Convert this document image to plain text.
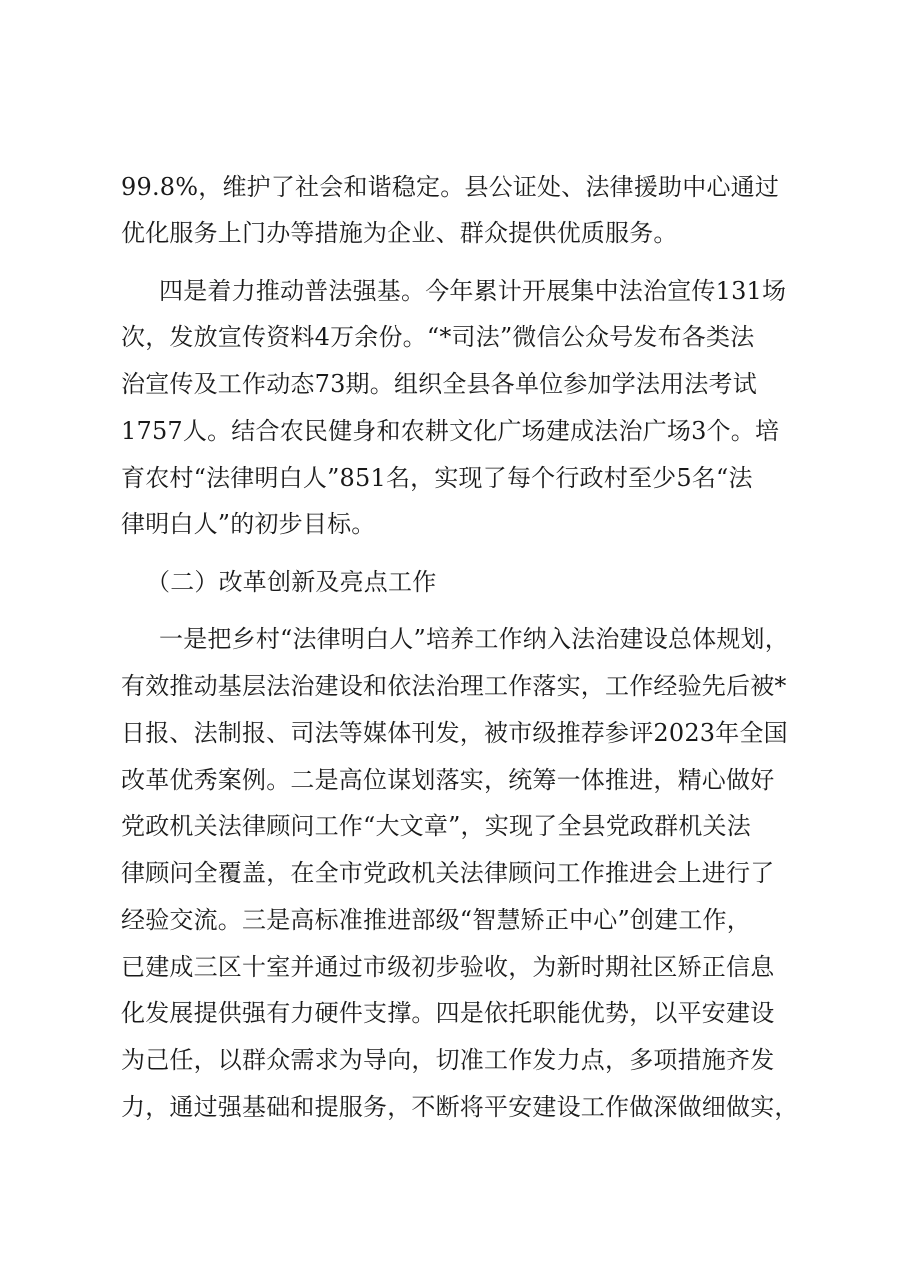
99.8%，维护了社会和谐稳定。县公证处、法律援助中心通过
优化服务上门办等措施为企业、群众提供优质服务。
四是着力推动普法强基。今年累计开展集中法治宣传131场
次，发放宣传资料4万余份。“*司法”微信公众号发布各类法
治宣传及工作动态73期。组织全县各单位参加学法用法考试
1757人。结合农民健身和农耕文化广场建成法治广场3个。培
育农村“法律明白人”851名，实现了每个行政村至少5名“法
律明白人”的初步目标。
（二）改革创新及亮点工作
一是把乡村“法律明白人”培养工作纳入法治建设总体规划，
有效推动基层法治建设和依法治理工作落实，工作经验先后被*
日报、法制报、司法等媒体刊发，被市级推荐参评2023年全国
改革优秀案例。二是高位谋划落实，统筹一体推进，精心做好
党政机关法律顾问工作“大文章”，实现了全县党政群机关法
律顾问全覆盖，在全市党政机关法律顾问工作推进会上进行了
经验交流。三是高标准推进部级“智慧矫正中心”创建工作，
已建成三区十室并通过市级初步验收，为新时期社区矫正信息
化发展提供强有力硬件支撑。四是依托职能优势，以平安建设
为己任，以群众需求为导向，切准工作发力点，多项措施齐发
力，通过强基础和提服务，不断将平安建设工作做深做细做实，
